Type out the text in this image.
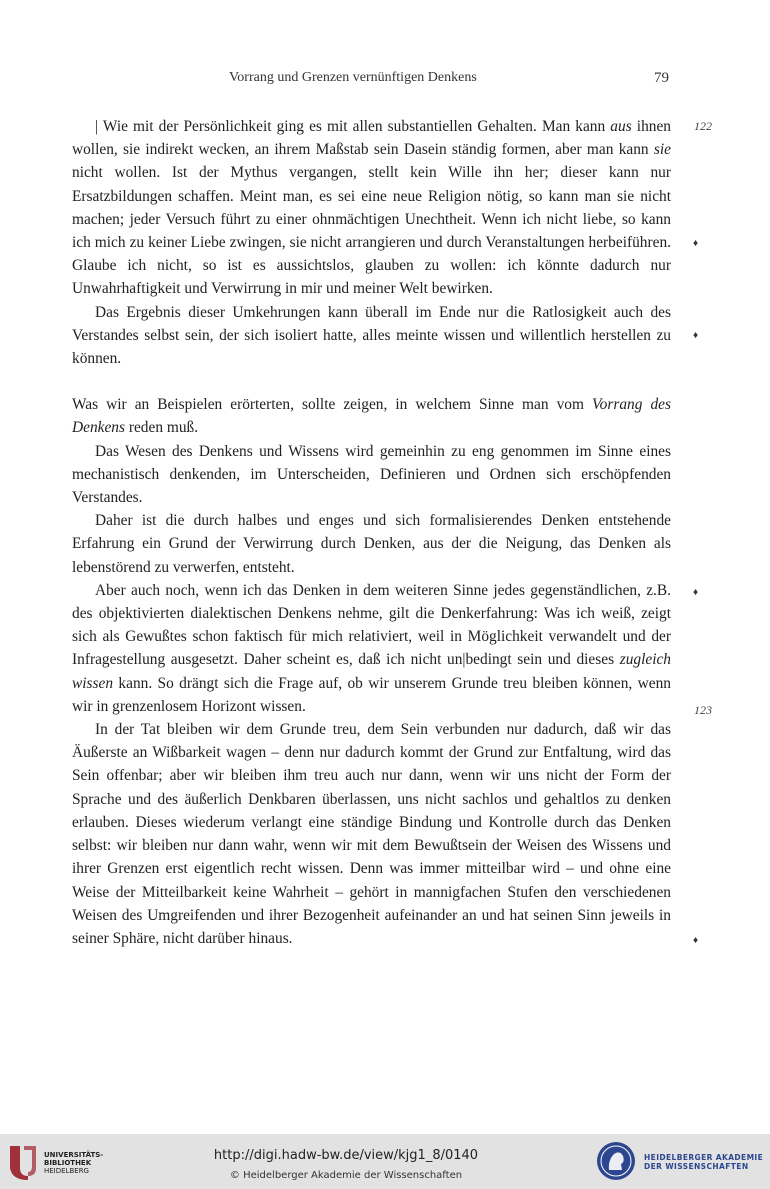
Vorrang und Grenzen vernünftigen Denkens	79
122
♦
♦
♦
123
♦

| Wie mit der Persönlichkeit ging es mit allen substantiellen Gehalten. Man kann aus ihnen wollen, sie indirekt wecken, an ihrem Maßstab sein Dasein ständig formen, aber man kann sie nicht wollen. Ist der Mythus vergangen, stellt kein Wille ihn her; dieser kann nur Ersatzbildungen schaffen. Meint man, es sei eine neue Religion nötig, so kann man sie nicht machen; jeder Versuch führt zu einer ohnmächtigen Unechtheit. Wenn ich nicht liebe, so kann ich mich zu keiner Liebe zwingen, sie nicht arrangieren und durch Veranstaltungen herbeiführen. Glaube ich nicht, so ist es aussichtslos, glauben zu wollen: ich könnte dadurch nur Unwahrhaftigkeit und Verwirrung in mir und meiner Welt bewirken.

Das Ergebnis dieser Umkehrungen kann überall im Ende nur die Ratlosigkeit auch des Verstandes selbst sein, der sich isoliert hatte, alles meinte wissen und willentlich herstellen zu können.

Was wir an Beispielen erörterten, sollte zeigen, in welchem Sinne man vom Vorrang des Denkens reden muß.

Das Wesen des Denkens und Wissens wird gemeinhin zu eng genommen im Sinne eines mechanistisch denkenden, im Unterscheiden, Definieren und Ordnen sich erschöpfenden Verstandes.

Daher ist die durch halbes und enges und sich formalisierendes Denken entstehende Erfahrung ein Grund der Verwirrung durch Denken, aus der die Neigung, das Denken als lebenstörend zu verwerfen, entsteht.

Aber auch noch, wenn ich das Denken in dem weiteren Sinne jedes gegenständlichen, z.B. des objektivierten dialektischen Denkens nehme, gilt die Denkerfahrung: Was ich weiß, zeigt sich als Gewußtes schon faktisch für mich relativiert, weil in Möglichkeit verwandelt und der Infragestellung ausgesetzt. Daher scheint es, daß ich nicht un|bedingt sein und dieses zugleich wissen kann. So drängt sich die Frage auf, ob wir unserem Grunde treu bleiben können, wenn wir in grenzenlosem Horizont wissen.

In der Tat bleiben wir dem Grunde treu, dem Sein verbunden nur dadurch, daß wir das Äußerste an Wißbarkeit wagen – denn nur dadurch kommt der Grund zur Entfaltung, wird das Sein offenbar; aber wir bleiben ihm treu auch nur dann, wenn wir uns nicht der Form der Sprache und des äußerlich Denkbaren überlassen, uns nicht sachlos und gehaltlos zu denken erlauben. Dieses wiederum verlangt eine ständige Bindung und Kontrolle durch das Denken selbst: wir bleiben nur dann wahr, wenn wir mit dem Bewußtsein der Weisen des Wissens und ihrer Grenzen erst eigentlich recht wissen. Denn was immer mitteilbar wird – und ohne eine Weise der Mitteilbarkeit keine Wahrheit – gehört in mannigfachen Stufen den verschiedenen Weisen des Umgreifenden und ihrer Bezogenheit aufeinander an und hat seinen Sinn jeweils in seiner Sphäre, nicht darüber hinaus.

UNIVERSITÄTS-
BIBLIOTHEK
HEIDELBERG
http://digi.hadw-bw.de/view/kjg1_8/0140
© Heidelberger Akademie der Wissenschaften
HEIDELBERGER AKADEMIE
DER WISSENSCHAFTEN
